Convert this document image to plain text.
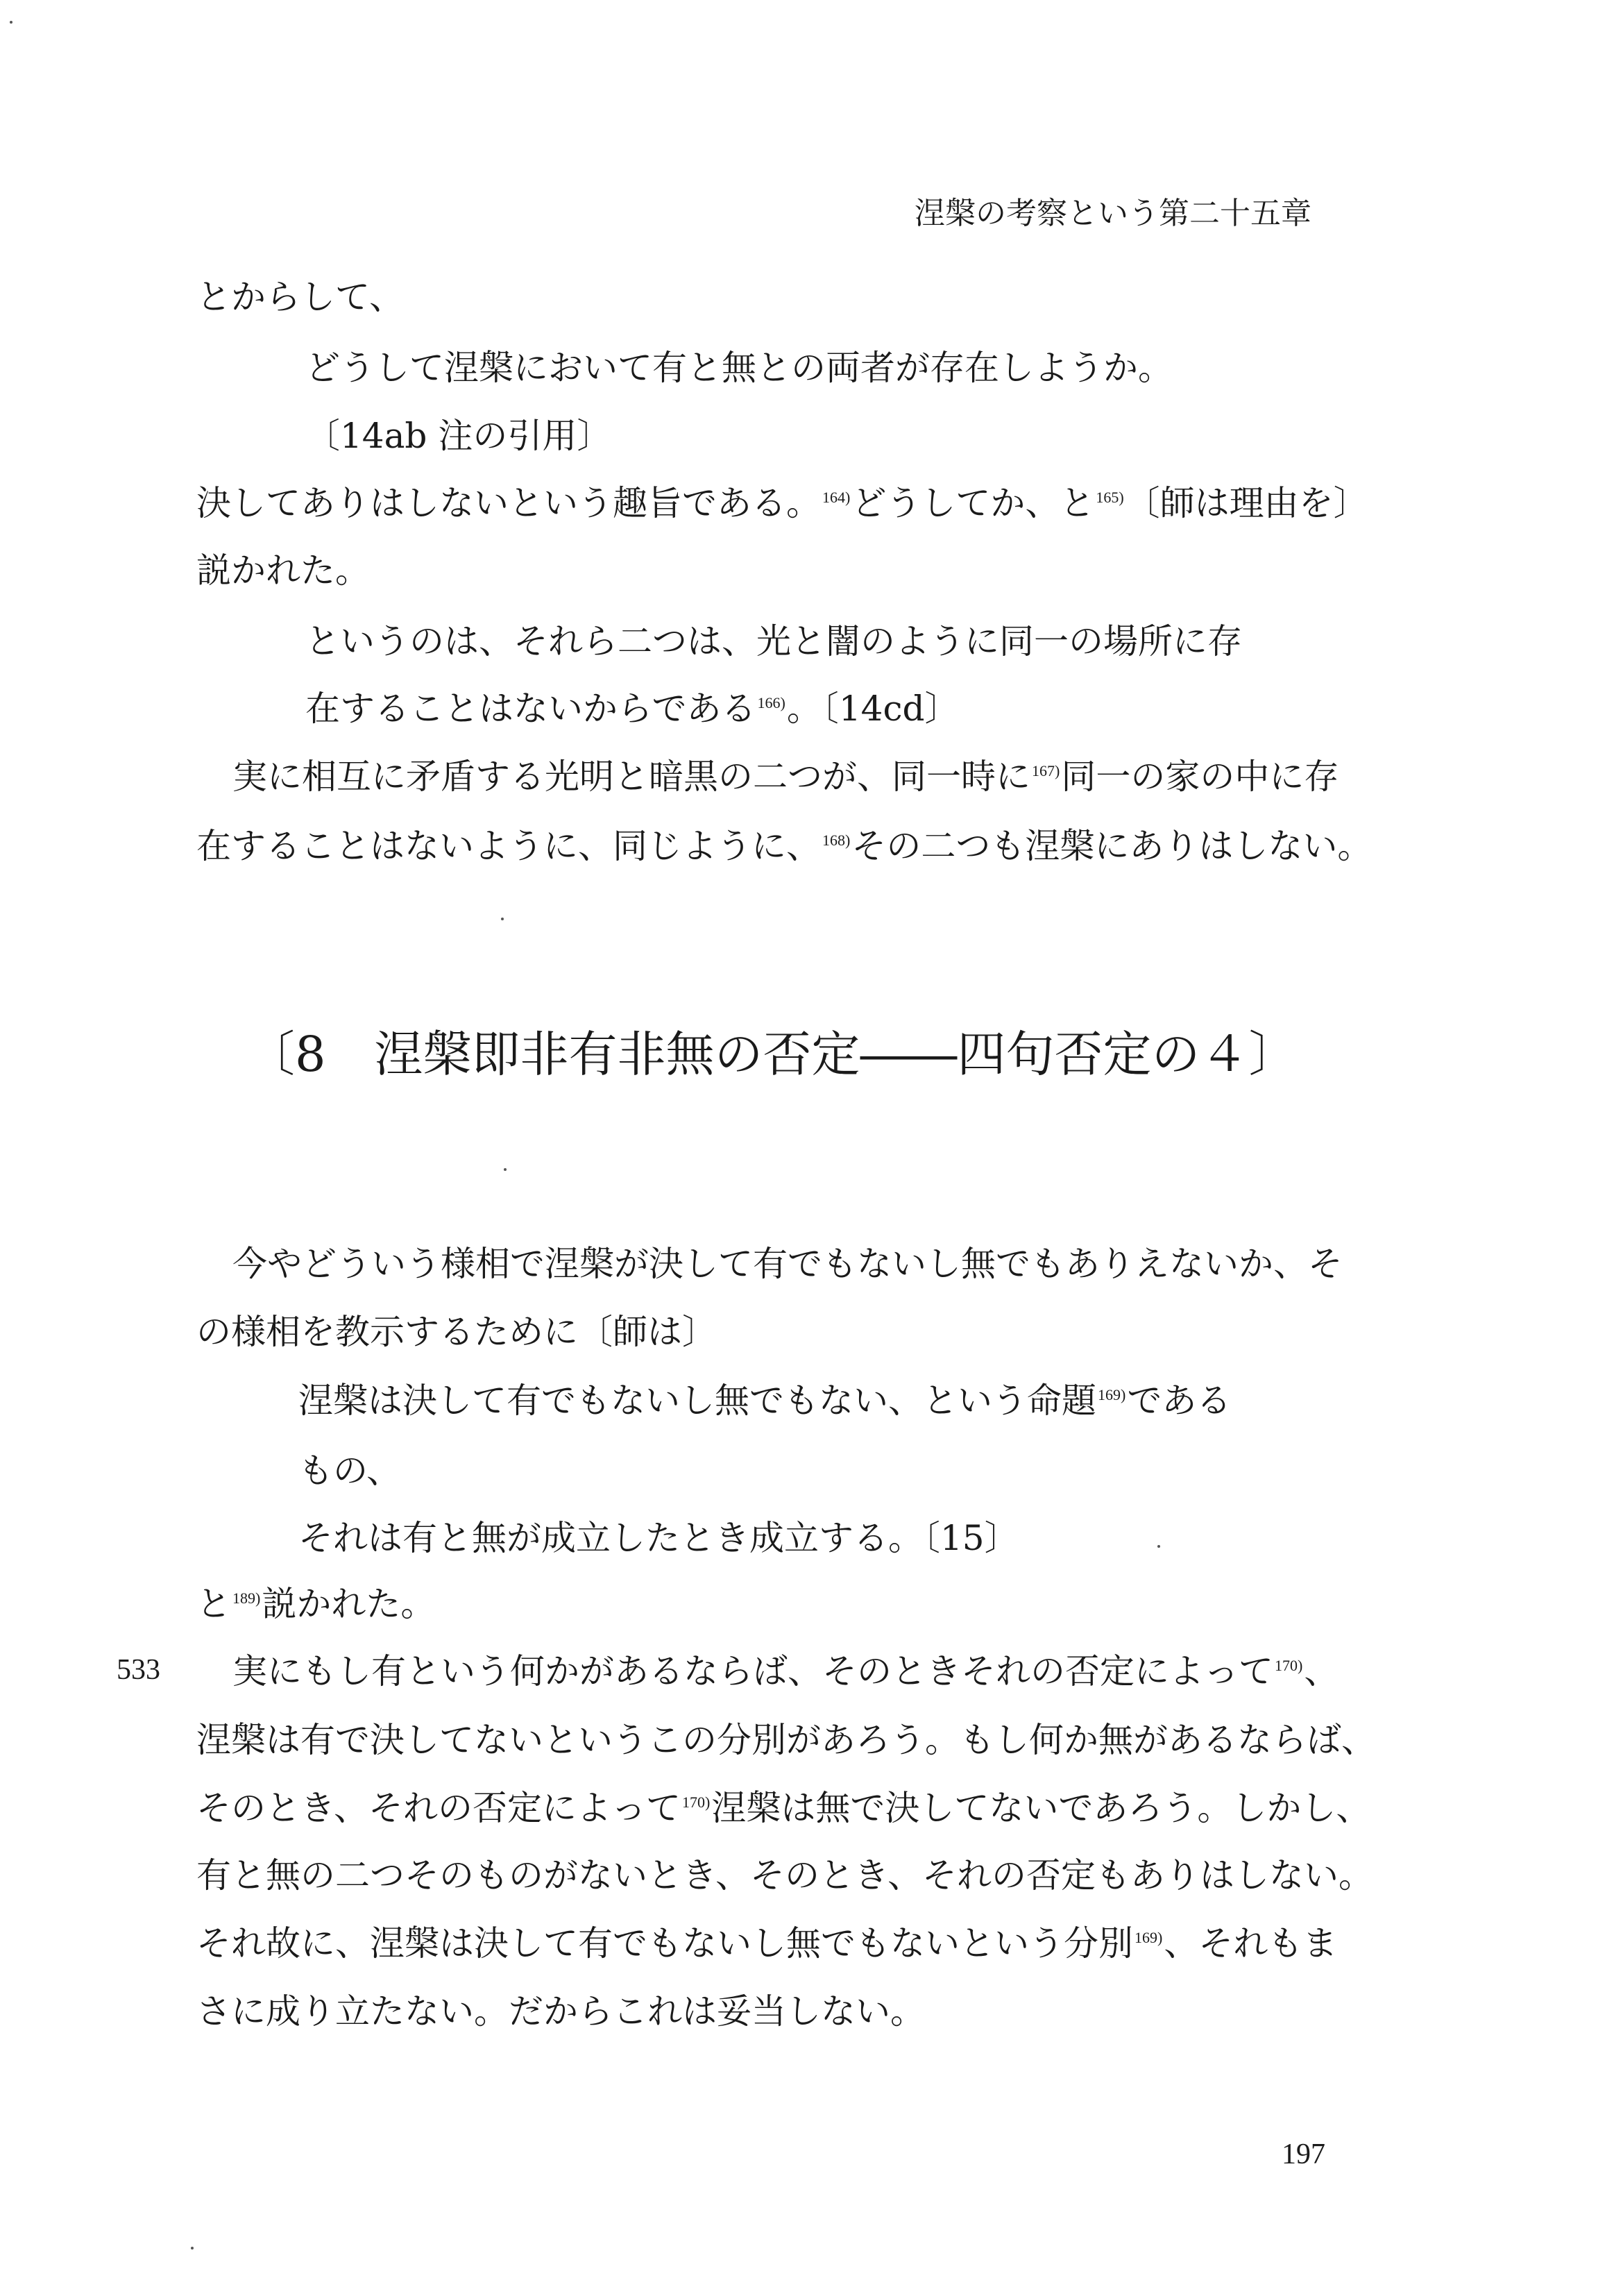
涅槃の考察という第二十五章
とからして、
どうして涅槃において有と無との両者が存在しようか。
〔14ab 注の引用〕
決してありはしないという趣旨である。$^{164)}$どうしてか、と$^{165)}$〔師は理由を〕
説かれた。
というのは、それら二つは、光と闇のように同一の場所に存
在することはないからである$^{166)}$。〔14cd〕
実に相互に矛盾する光明と暗黒の二つが、同一時に$^{167)}$同一の家の中に存
在することはないように、同じように、$^{168)}$その二つも涅槃にありはしない。
〔8　涅槃即非有非無の否定――四句否定の４〕
今やどういう様相で涅槃が決して有でもないし無でもありえないか、そ
の様相を教示するために〔師は〕
涅槃は決して有でもないし無でもない、という命題$^{169)}$である
もの、
それは有と無が成立したとき成立する。〔15〕
と$^{189)}$説かれた。
533 実にもし有という何かがあるならば、そのときそれの否定によって$^{170)}$、
涅槃は有で決してないというこの分別があろう。もし何か無があるならば、
そのとき、それの否定によって$^{170)}$涅槃は無で決してないであろう。しかし、
有と無の二つそのものがないとき、そのとき、それの否定もありはしない。
それ故に、涅槃は決して有でもないし無でもないという分別$^{169)}$、それもま
さに成り立たない。だからこれは妥当しない。
197
